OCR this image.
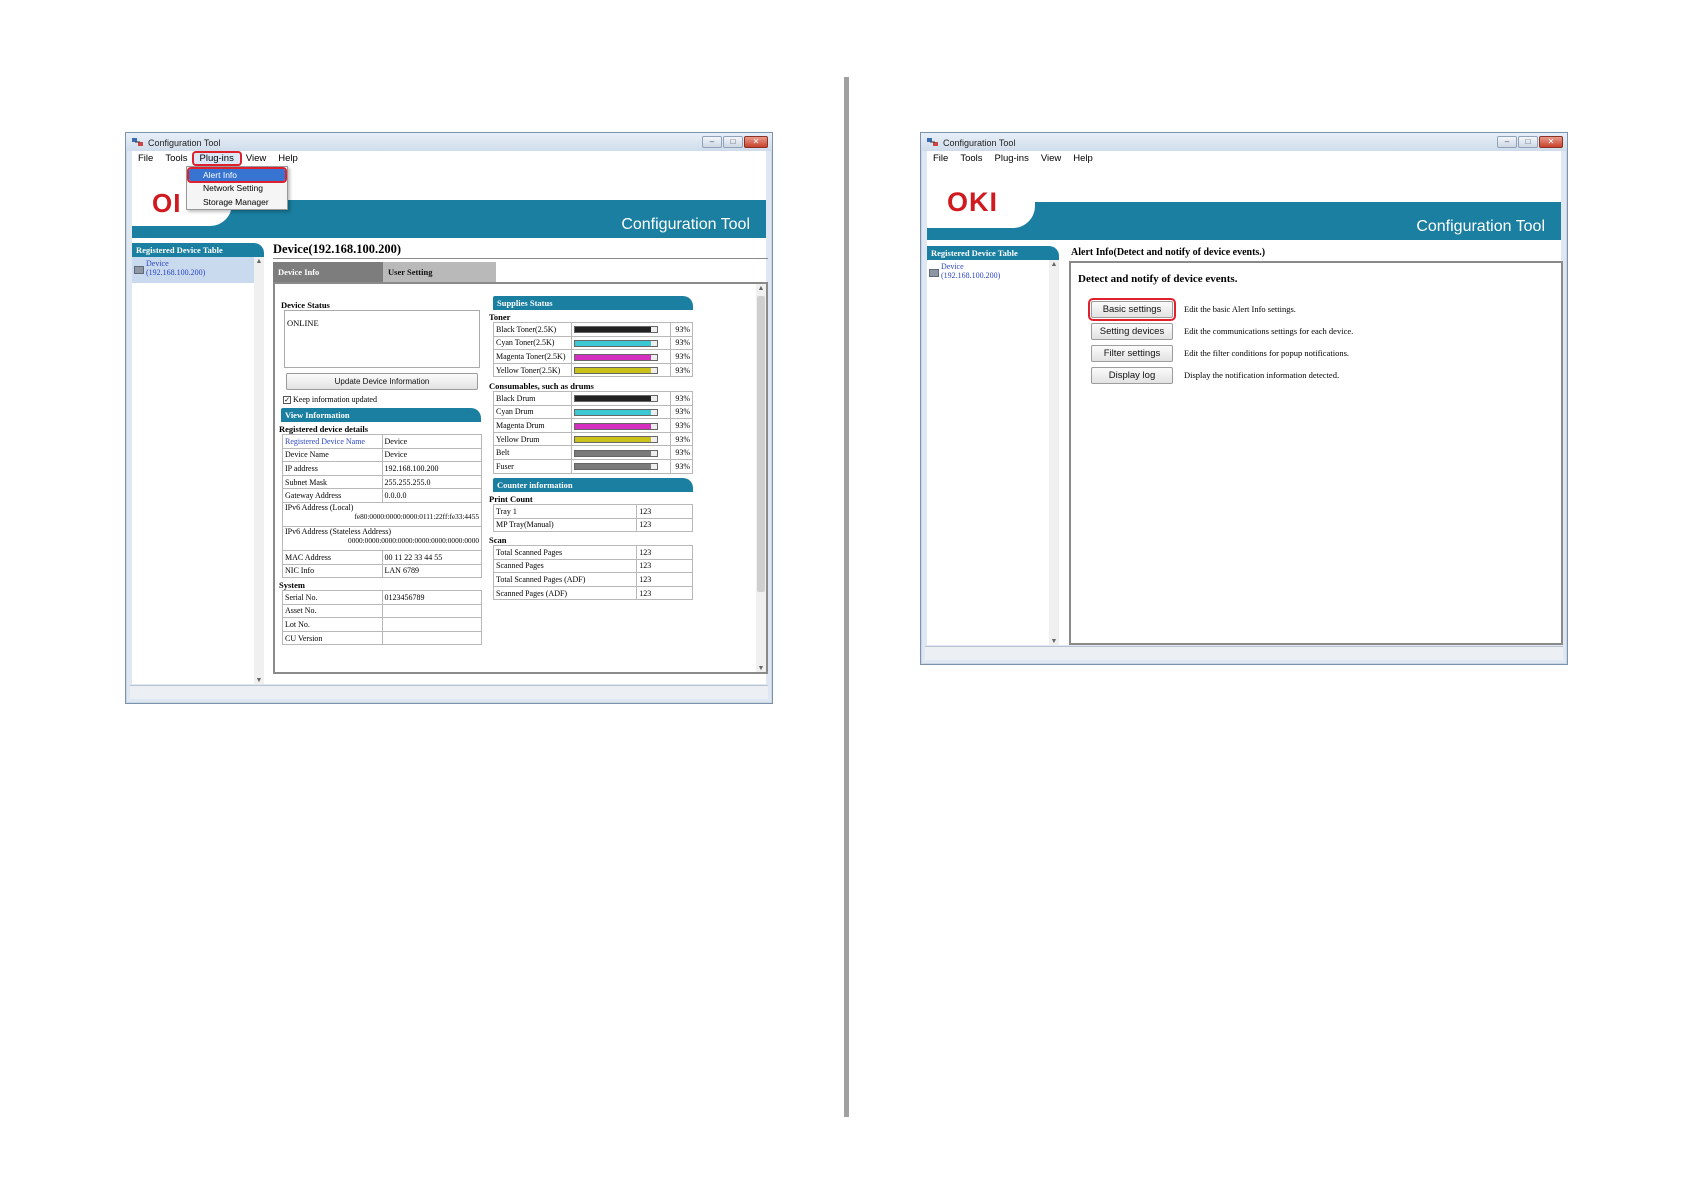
Configuration Tool	–	□	✕
File	Tools	Plug-ins	View	Help
Configuration Tool
OI
Registered Device Table
Device
(192.168.100.200)
▲
▼
Device(192.168.100.200)
Device Info	User Setting
▲
▼
Device Status
ONLINE
Update Device Information
✓ Keep information updated
View Information
Registered device details
Registered Device Name	Device
Device Name	Device
IP address	192.168.100.200
Subnet Mask	255.255.255.0
Gateway Address	0.0.0.0
IPv6 Address (Local)
fe80:0000:0000:0000:0111:22ff:fe33:4455

IPv6 Address (Stateless Address)
0000:0000:0000:0000:0000:0000:0000:0000
MAC Address	00 11 22 33 44 55
NIC Info	LAN 6789
System
Serial No.	0123456789
Asset No.	
Lot No.	
CU Version	
Supplies Status
Toner
Black Toner(2.5K)		93%
Cyan Toner(2.5K)		93%
Magenta Toner(2.5K)		93%
Yellow Toner(2.5K)		93%
Consumables, such as drums
Black Drum		93%
Cyan Drum		93%
Magenta Drum		93%
Yellow Drum		93%
Belt		93%
Fuser		93%
Counter information
Print Count
Tray 1	123
MP Tray(Manual)	123
Scan
Total Scanned Pages	123
Scanned Pages	123
Total Scanned Pages (ADF)	123
Scanned Pages (ADF)	123
Alert Info
Network Setting
Storage Manager
Configuration Tool	–	□	✕
File	Tools	Plug-ins	View	Help
Configuration Tool
OKI
Registered Device Table
Device
(192.168.100.200)
▲
▼
Alert Info(Detect and notify of device events.)
Detect and notify of device events.
Basic settings	Edit the basic Alert Info settings.
Setting devices	Edit the communications settings for each device.
Filter settings	Edit the filter conditions for popup notifications.
Display log	Display the notification information detected.
